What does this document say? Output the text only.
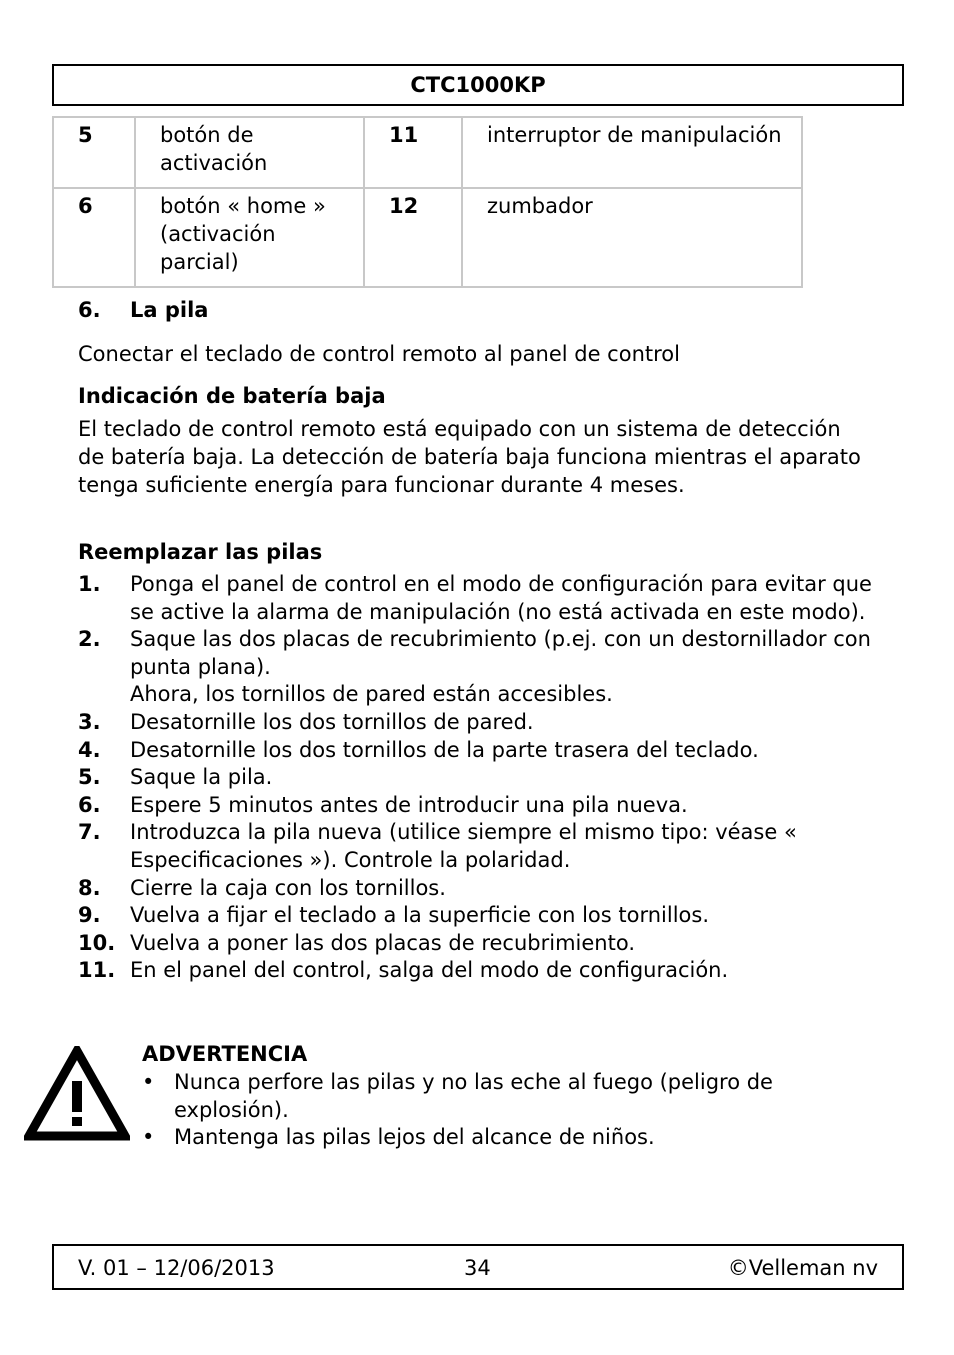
CTC1000KP
5	botón de activación	11	interruptor de manipulación
6	botón « home » (activación parcial)	12	zumbador
6.	La pila
Conectar el teclado de control remoto al panel de control
Indicación de batería baja
El teclado de control remoto está equipado con un sistema de detección de batería baja. La detección de batería baja funciona mientras el aparato tenga suficiente energía para funcionar durante 4 meses.
Reemplazar las pilas
1.	Ponga el panel de control en el modo de configuración para evitar que se active la alarma de manipulación (no está activada en este modo).
2.	Saque las dos placas de recubrimiento (p.ej. con un destornillador con punta plana).
Ahora, los tornillos de pared están accesibles.
3.	Desatornille los dos tornillos de pared.
4.	Desatornille los dos tornillos de la parte trasera del teclado.
5.	Saque la pila.
6.	Espere 5 minutos antes de introducir una pila nueva.
7.	Introduzca la pila nueva (utilice siempre el mismo tipo: véase « Especificaciones »). Controle la polaridad.
8.	Cierre la caja con los tornillos.
9.	Vuelva a fijar el teclado a la superficie con los tornillos.
10. Vuelva a poner las dos placas de recubrimiento.
11. En el panel del control, salga del modo de configuración.
ADVERTENCIA
• Nunca perfore las pilas y no las eche al fuego (peligro de explosión).
• Mantenga las pilas lejos del alcance de niños.
V. 01 – 12/06/2013	34	©Velleman nv
